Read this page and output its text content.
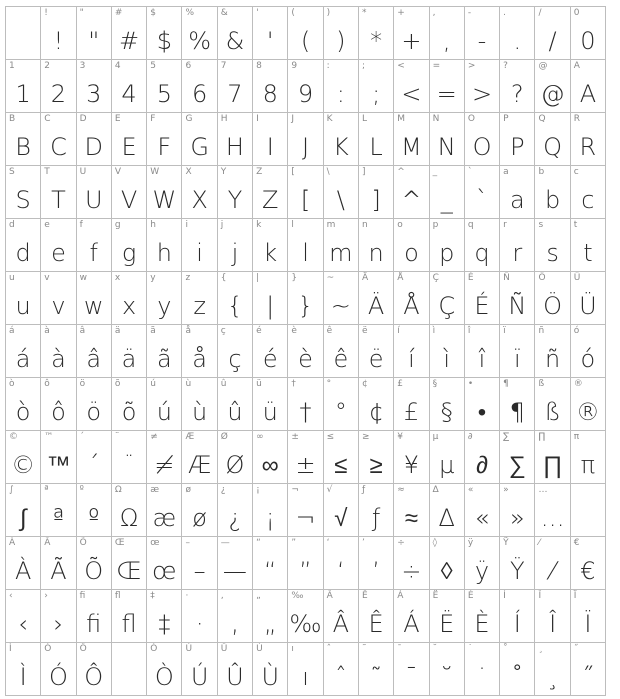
!
!
"
"
#
#
$
$
%
%
&
&
'
'
(
(
)
)
*
*
+
+
,
,
-
-
.
.
/
/
0
0
1
1
2
2
3
3
4
4
5
5
6
6
7
7
8
8
9
9
:
:
;
;
<
<
=
=
>
>
?
?
@
@
A
A
B
B
C
C
D
D
E
E
F
F
G
G
H
H
I
I
J
J
K
K
L
L
M
M
N
N
O
O
P
P
Q
Q
R
R
S
S
T
T
U
U
V
V
W
W
X
X
Y
Y
Z
Z
[
[
\
\
]
]
^
^
_
_
`
`
a
a
b
b
c
c
d
d
e
e
f
f
g
g
h
h
i
i
j
j
k
k
l
l
m
m
n
n
o
o
p
p
q
q
r
r
s
s
t
t
u
u
v
v
w
w
x
x
y
y
z
z
{
{
|
|
}
}
~
~
Ä
Ä
Å
Å
Ç
Ç
É
É
Ñ
Ñ
Ö
Ö
Ü
Ü
á
á
à
à
â
â
ä
ä
ã
ã
å
å
ç
ç
é
é
è
è
ê
ê
ë
ë
í
í
ì
ì
î
î
ï
ï
ñ
ñ
ó
ó
ò
ò
ô
ô
ö
ö
õ
õ
ú
ú
ù
ù
û
û
ü
ü
†
†
°
°
¢
¢
£
£
§
§
•
•
¶
¶
ß
ß
®
®
©
©
™
™
´
´
¨
¨
≠
≠
Æ
Æ
Ø
Ø
∞
∞
±
±
≤
≤
≥
≥
¥
¥
µ
µ
∂
∂
∑
∑
∏
∏
π
π
∫
∫
ª
ª
º
º
Ω
Ω
æ
æ
ø
ø
¿
¿
¡
¡
¬
¬
√
√
ƒ
ƒ
≈
≈
∆
∆
«
«
»
»
…
…
À
À
Ã
Ã
Õ
Õ
Œ
Œ
œ
œ
–
–
—
—
“
“
”
”
‘
‘
’
’
÷
÷
◊
◊
ÿ
ÿ
Ÿ
Ÿ
⁄
⁄
€
€
‹
‹
›
›
ﬁ
ﬁ
ﬂ
ﬂ
‡
‡
·
·
‚
‚
„
„
‰
‰
Â
Â
Ê
Ê
Á
Á
Ë
Ë
È
È
Í
Í
Î
Î
Ï
Ï
Ì
Ì
Ó
Ó
Ô
Ô
Ò
Ò
Ú
Ú
Û
Û
Ù
Ù
ı
ı
ˆ
ˆ
˜
˜
¯
¯
˘
˘
˙
˙
˚
˚
¸
¸
˝
˝
